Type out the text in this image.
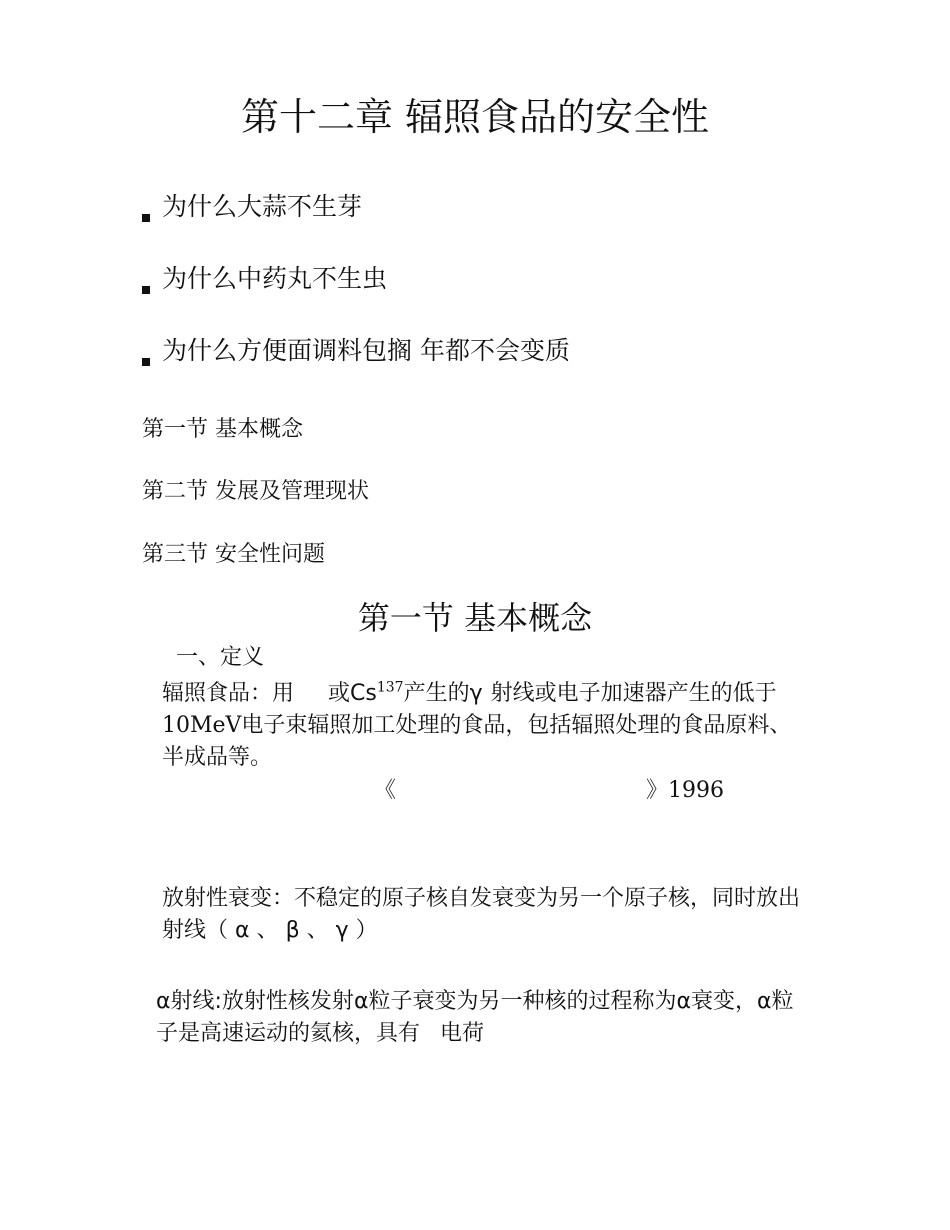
第十二章 辐照食品的安全性
为什么大蒜不生芽
为什么中药丸不生虫
为什么方便面调料包搁 年都不会变质
第一节 基本概念
第二节 发展及管理现状
第三节 安全性问题
第一节 基本概念
一、定义
辐照食品：用 或Cs$^{137}$产生的γ 射线或电子加速器产生的低于10MeV电子束辐照加工处理的食品，包括辐照处理的食品原料、半成品等。
《	》1996
放射性衰变：不稳定的原子核自发衰变为另一个原子核，同时放出射线（ α 、 β 、 γ ）
α射线:放射性核发射α粒子衰变为另一种核的过程称为α衰变，α粒子是高速运动的氦核，具有 电荷
